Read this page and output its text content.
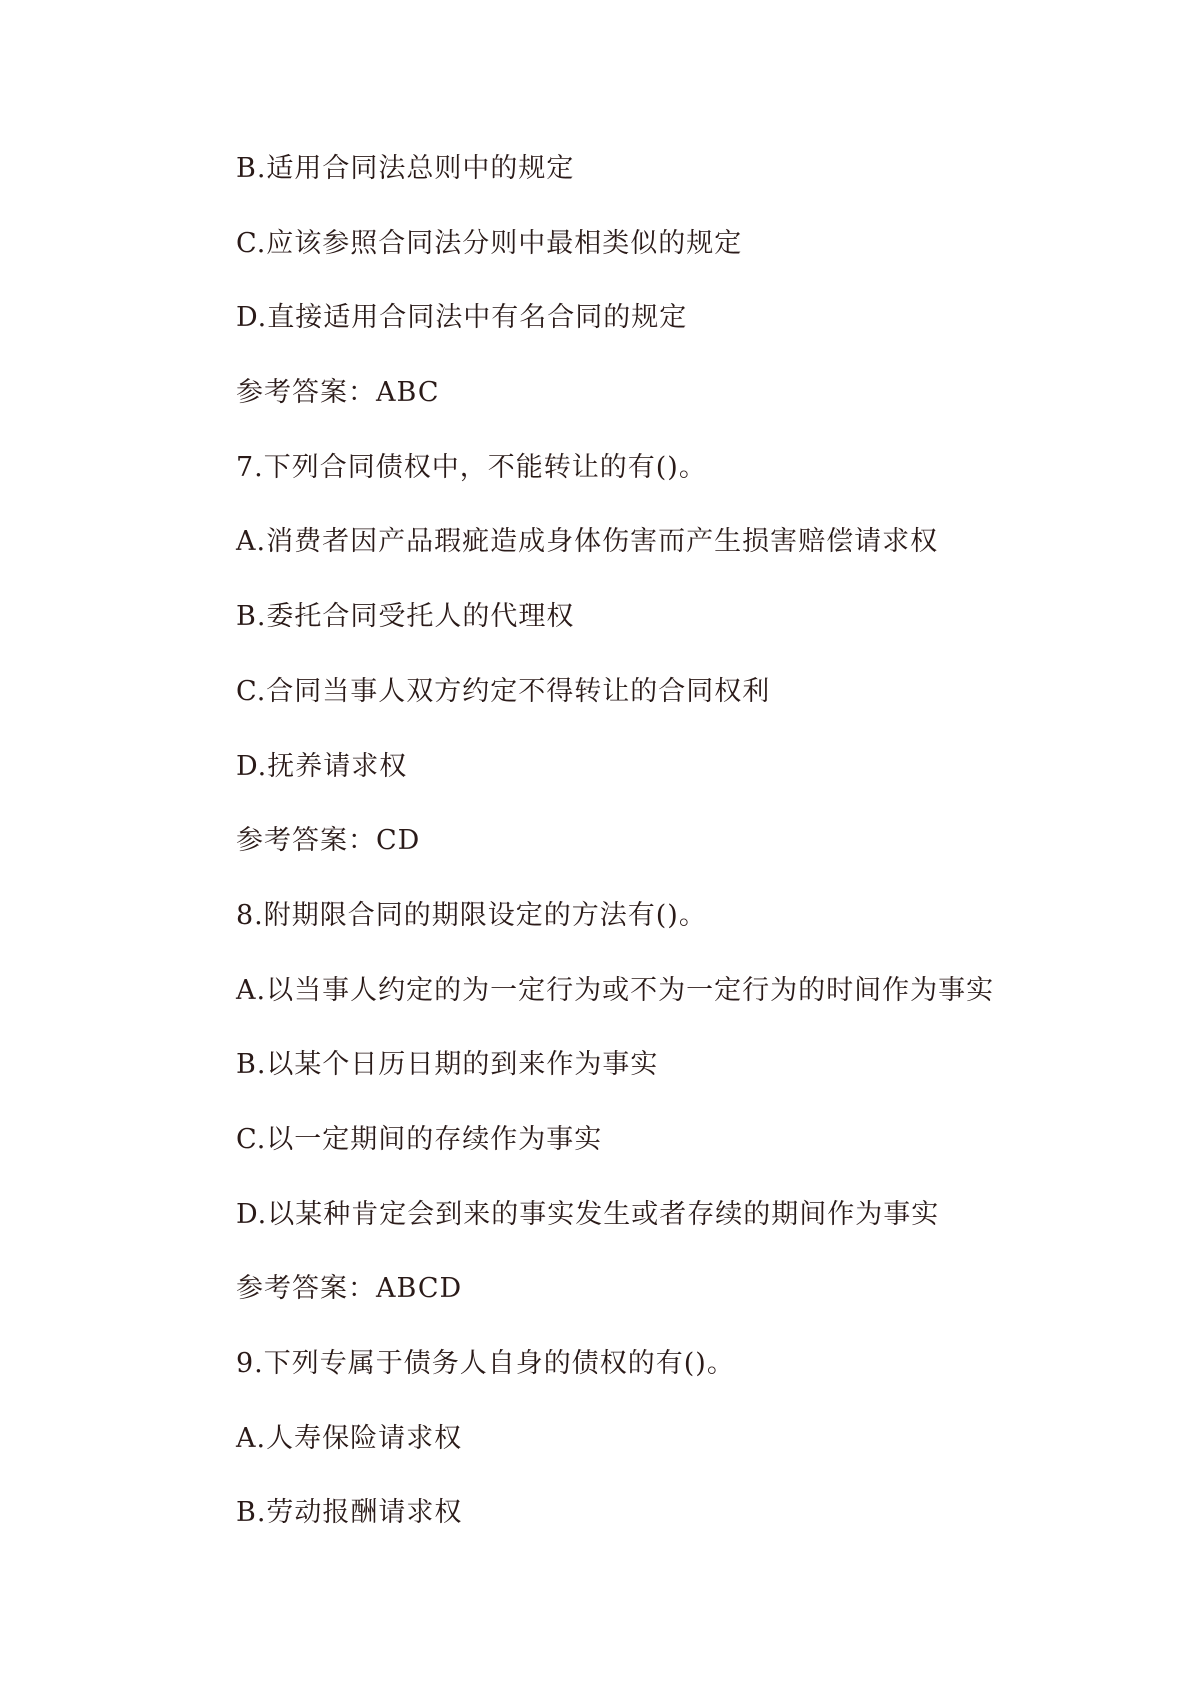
B.适用合同法总则中的规定
C.应该参照合同法分则中最相类似的规定
D.直接适用合同法中有名合同的规定
参考答案：ABC
7.下列合同债权中，不能转让的有()。
A.消费者因产品瑕疵造成身体伤害而产生损害赔偿请求权
B.委托合同受托人的代理权
C.合同当事人双方约定不得转让的合同权利
D.抚养请求权
参考答案：CD
8.附期限合同的期限设定的方法有()。
A.以当事人约定的为一定行为或不为一定行为的时间作为事实
B.以某个日历日期的到来作为事实
C.以一定期间的存续作为事实
D.以某种肯定会到来的事实发生或者存续的期间作为事实
参考答案：ABCD
9.下列专属于债务人自身的债权的有()。
A.人寿保险请求权
B.劳动报酬请求权
